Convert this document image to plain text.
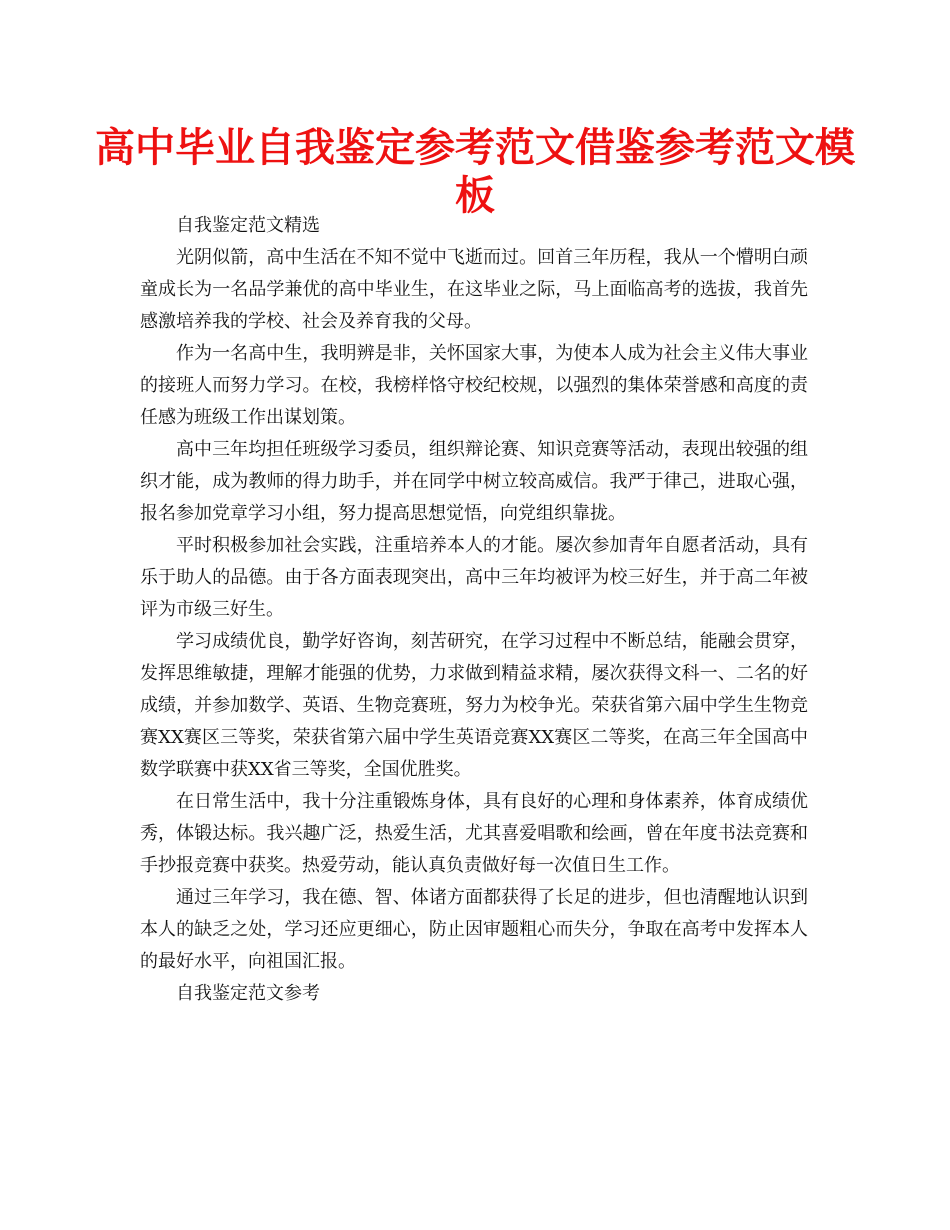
高中毕业自我鉴定参考范文借鉴参考范文模板

自我鉴定范文精选

光阴似箭，高中生活在不知不觉中飞逝而过。回首三年历程，我从一个懵明白顽童成长为一名品学兼优的高中毕业生，在这毕业之际，马上面临高考的选拔，我首先感激培养我的学校、社会及养育我的父母。

作为一名高中生，我明辨是非，关怀国家大事，为使本人成为社会主义伟大事业的接班人而努力学习。在校，我榜样恪守校纪校规，以强烈的集体荣誉感和高度的责任感为班级工作出谋划策。

高中三年均担任班级学习委员，组织辩论赛、知识竞赛等活动，表现出较强的组织才能，成为教师的得力助手，并在同学中树立较高威信。我严于律己，进取心强，报名参加党章学习小组，努力提高思想觉悟，向党组织靠拢。

平时积极参加社会实践，注重培养本人的才能。屡次参加青年自愿者活动，具有乐于助人的品德。由于各方面表现突出，高中三年均被评为校三好生，并于高二年被评为市级三好生。

学习成绩优良，勤学好咨询，刻苦研究，在学习过程中不断总结，能融会贯穿，发挥思维敏捷，理解才能强的优势，力求做到精益求精，屡次获得文科一、二名的好成绩，并参加数学、英语、生物竞赛班，努力为校争光。荣获省第六届中学生生物竞赛XX赛区三等奖，荣获省第六届中学生英语竞赛XX赛区二等奖，在高三年全国高中数学联赛中获XX省三等奖，全国优胜奖。

在日常生活中，我十分注重锻炼身体，具有良好的心理和身体素养，体育成绩优秀，体锻达标。我兴趣广泛，热爱生活，尤其喜爱唱歌和绘画，曾在年度书法竞赛和手抄报竞赛中获奖。热爱劳动，能认真负责做好每一次值日生工作。

通过三年学习，我在德、智、体诸方面都获得了长足的进步，但也清醒地认识到本人的缺乏之处，学习还应更细心，防止因审题粗心而失分，争取在高考中发挥本人的最好水平，向祖国汇报。

自我鉴定范文参考
